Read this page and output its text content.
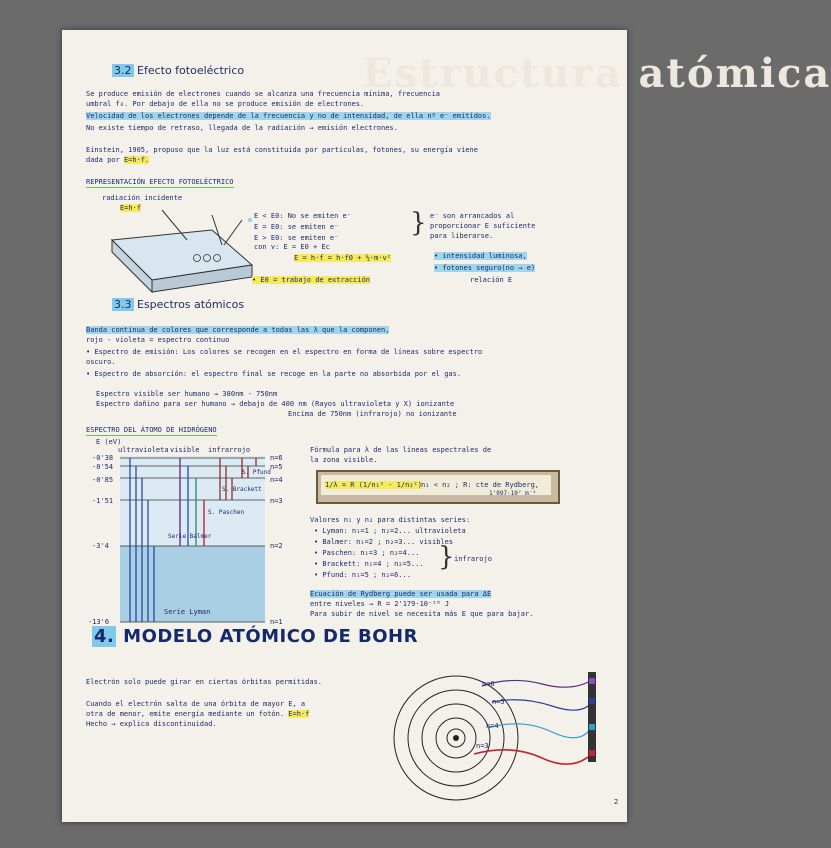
Estructura atómica
3.2 Efecto fotoeléctrico
Se produce emisión de electrones cuando se alcanza una frecuencia mínima, frecuencia
umbral f₀. Por debajo de ella no se produce emisión de electrones.
Velocidad de los electrones depende de la frecuencia y no de intensidad, de ella nº e⁻ emitidos.
No existe tiempo de retraso, llegada de la radiación → emisión electrones.
Einstein, 1905, propuso que la luz está constituida por partículas, fotones, su energía viene
dada por E=h·f.
REPRESENTACIÓN EFECTO FOTOELÉCTRICO
radiación incidente
E=h·f
E < E0: No se emiten e⁻
E = E0: se emiten e⁻
E > E0: se emiten e⁻
con v: E = E0 + Ec
E = h·f = h·f0 + ½·m·v²
• E0 = trabajo de extracción
} e⁻ son arrancados al
proporcionar E suficiente
para liberarse.
• intensidad luminosa,
• fotones seguro(no → e)
relación E
3.3 Espectros atómicos
Banda continua de colores que corresponde a todas las λ que la componen,
rojo - violeta = espectro continuo
• Espectro de emisión: Los colores se recogen en el espectro en forma de líneas sobre espectro
oscuro.
• Espectro de absorción: el espectro final se recoge en la parte no absorbida por el gas.
Espectro visible ser humano → 380nm - 750nm
Espectro dañino para ser humano → debajo de 400 nm (Rayos ultravioleta y X) ionizante
Encima de 750nm (infrarojo) no ionizante
ESPECTRO DEL ÁTOMO DE HIDRÓGENO
E (eV)
ultravioleta visible infrarrojo
-0'38
-0'54
-0'85
-1'51
-3'4
-13'6
n=6
n=5
n=4
n=3
n=2
n=1
S. Pfund
S. Brackett
S. Paschen
Serie Balmer
Serie Lyman
Fórmula para λ de las líneas espectrales de
la zona visible.
1/λ = R (1/n₁² - 1/n₂²) n₁ < n₂ ; R: cte de Rydberg,
1'097·10⁷ m⁻¹
Valores n₁ y n₂ para distintas series:
• Lyman: n₁=1 ; n₂=2... ultravioleta
• Balmer: n₁=2 ; n₂=3... visibles
• Paschen: n₁=3 ; n₂=4...
• Brackett: n₁=4 ; n₂=5...
• Pfund: n₁=5 ; n₂=6...
} infrarojo
Ecuación de Rydberg puede ser usada para ΔE
entre niveles → R = 2'179·10⁻¹⁸ J
Para subir de nivel se necesita más E que para bajar.
4. MODELO ATÓMICO DE BOHR
Electrón solo puede girar en ciertas órbitas permitidas.
Cuando el electrón salta de una órbita de mayor E, a
otra de menor, emite energía mediante un fotón. E=h·f
Hecho → explica discontinuidad.
n=6
n=5
n=4
n=3
2
